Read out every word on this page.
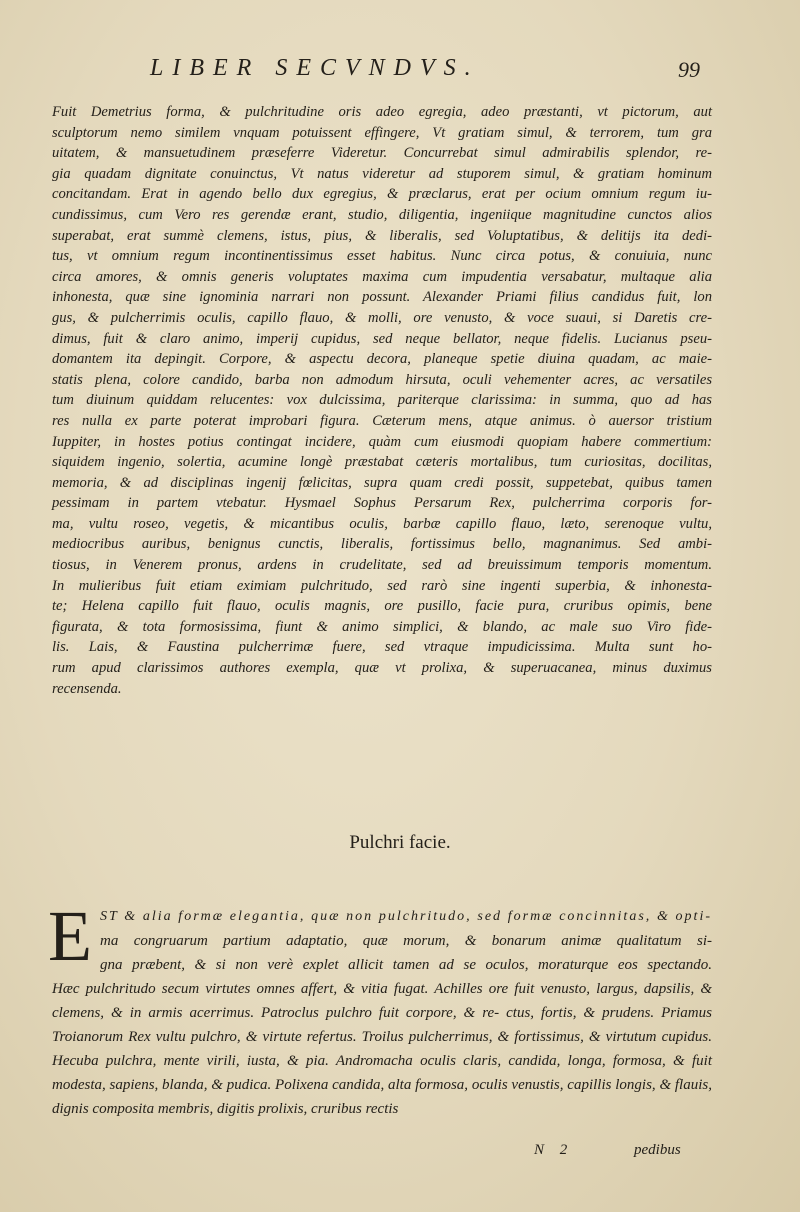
LIBER SECVNDVS.	99
Fuit Demetrius forma, & pulchritudine oris adeo egregia, adeo præstanti, vt pictorum, aut
sculptorum nemo similem vnquam potuissent effingere, Vt gratiam simul, & terrorem, tum gra
uitatem, & mansuetudinem præseferre Videretur. Concurrebat simul admirabilis splendor, re-
gia quadam dignitate conuinctus, Vt natus videretur ad stuporem simul, & gratiam hominum
concitandam. Erat in agendo bello dux egregius, & præclarus, erat per ocium omnium regum iu-
cundissimus, cum Vero res gerendæ erant, studio, diligentia, ingeniique magnitudine cunctos alios
superabat, erat summè clemens, istus, pius, & liberalis, sed Voluptatibus, & delitijs ita dedi-
tus, vt omnium regum incontinentissimus esset habitus. Nunc circa potus, & conuiuia, nunc
circa amores, & omnis generis voluptates maxima cum impudentia versabatur, multaque alia
inhonesta, quæ sine ignominia narrari non possunt. Alexander Priami filius candidus fuit, lon
gus, & pulcherrimis oculis, capillo flauo, & molli, ore venusto, & voce suaui, si Daretis cre-
dimus, fuit & claro animo, imperij cupidus, sed neque bellator, neque fidelis. Lucianus pseu-
domantem ita depingit. Corpore, & aspectu decora, planeque spetie diuina quadam, ac maie-
statis plena, colore candido, barba non admodum hirsuta, oculi vehementer acres, ac versatiles
tum diuinum quiddam relucentes: vox dulcissima, pariterque clarissima: in summa, quo ad has
res nulla ex parte poterat improbari figura. Cæterum mens, atque animus. ò auersor tristium
Iuppiter, in hostes potius contingat incidere, quàm cum eiusmodi quopiam habere commertium:
siquidem ingenio, solertia, acumine longè præstabat cæteris mortalibus, tum curiositas, docilitas,
memoria, & ad disciplinas ingenij fœlicitas, supra quam credi possit, suppetebat, quibus tamen
pessimam in partem vtebatur. Hysmael Sophus Persarum Rex, pulcherrima corporis for-
ma, vultu roseo, vegetis, & micantibus oculis, barbæ capillo flauo, læto, serenoque vultu,
mediocribus auribus, benignus cunctis, liberalis, fortissimus bello, magnanimus. Sed ambi-
tiosus, in Venerem pronus, ardens in crudelitate, sed ad breuissimum temporis momentum.
In mulieribus fuit etiam eximiam pulchritudo, sed rarò sine ingenti superbia, & inhonesta-
te; Helena capillo fuit flauo, oculis magnis, ore pusillo, facie pura, cruribus opimis, bene
figurata, & tota formosissima, fiunt & animo simplici, & blando, ac male suo Viro fide-
lis. Lais, & Faustina pulcherrimæ fuere, sed vtraque impudicissima. Multa sunt ho-
rum apud clarissimos authores exempla, quæ vt prolixa, & superuacanea, minus duximus
recensenda.
Pulchri facie.
E ST & alia formæ elegantia, quæ non pulchritudo, sed formæ concinnitas, & opti-
ma congruarum partium adaptatio, quæ morum, & bonarum animæ qualitatum si-
gna præbent, & si non verè explet allicit tamen ad se oculos, moraturque eos spectando.
Hæc pulchritudo secum virtutes omnes affert, & vitia fugat. Achilles ore fuit venusto, largus, dapsilis, & clemens, & in armis acerrimus. Patroclus pulchro fuit corpore, & re- ctus, fortis, & prudens. Priamus Troianorum Rex vultu pulchro, & virtute refertus. Troilus pulcherrimus, & fortissimus, & virtutum cupidus. Hecuba pulchra, mente virili, iusta, & pia. Andromacha oculis claris, candida, longa, formosa, & fuit modesta, sapiens, blanda, & pudica. Polixena candida, alta formosa, oculis venustis, capillis longis, & flauis, dignis composita membris, digitis prolixis, cruribus rectis
N 2	pedibus
